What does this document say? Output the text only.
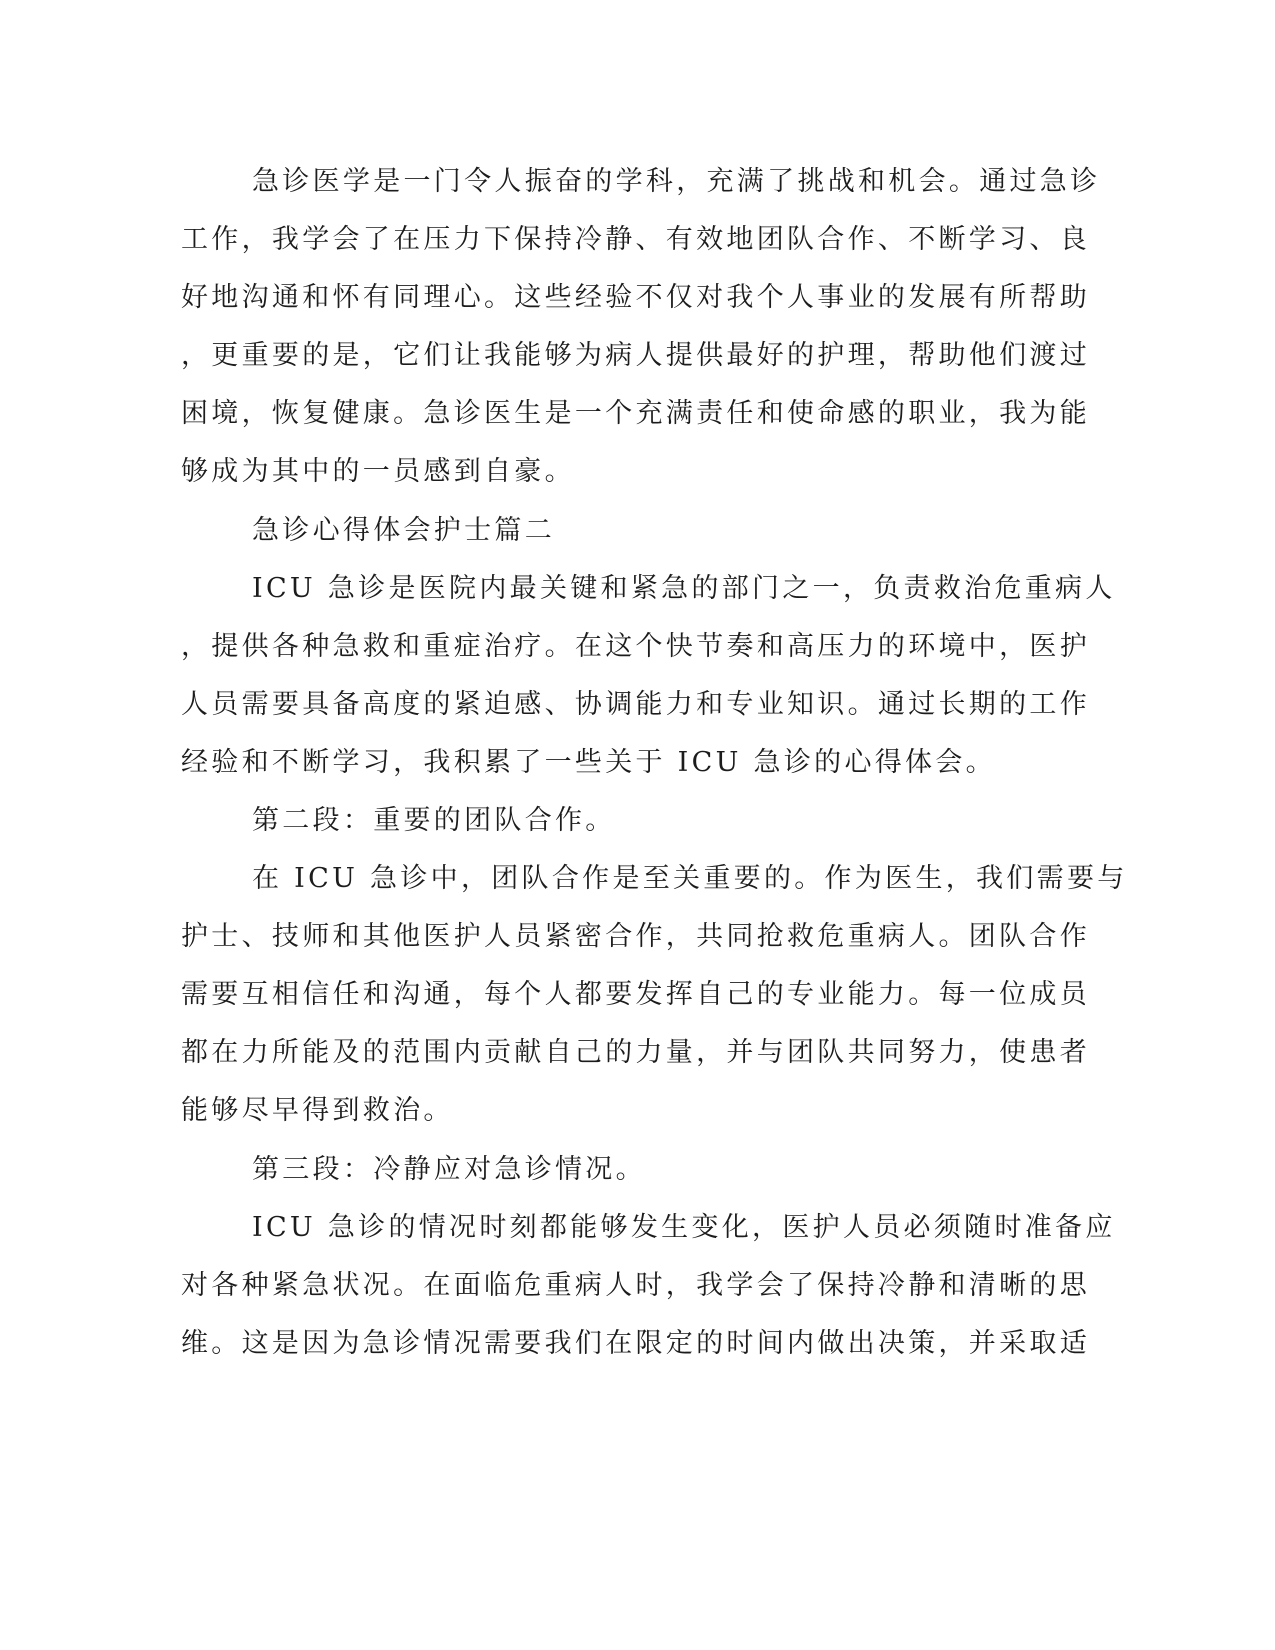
急诊医学是一门令人振奋的学科，充满了挑战和机会。通过急诊

工作，我学会了在压力下保持冷静、有效地团队合作、不断学习、良

好地沟通和怀有同理心。这些经验不仅对我个人事业的发展有所帮助

，更重要的是，它们让我能够为病人提供最好的护理，帮助他们渡过

困境，恢复健康。急诊医生是一个充满责任和使命感的职业，我为能

够成为其中的一员感到自豪。

急诊心得体会护士篇二

ICU 急诊是医院内最关键和紧急的部门之一，负责救治危重病人

，提供各种急救和重症治疗。在这个快节奏和高压力的环境中，医护

人员需要具备高度的紧迫感、协调能力和专业知识。通过长期的工作

经验和不断学习，我积累了一些关于 ICU 急诊的心得体会。

第二段：重要的团队合作。

在 ICU 急诊中，团队合作是至关重要的。作为医生，我们需要与

护士、技师和其他医护人员紧密合作，共同抢救危重病人。团队合作

需要互相信任和沟通，每个人都要发挥自己的专业能力。每一位成员

都在力所能及的范围内贡献自己的力量，并与团队共同努力，使患者

能够尽早得到救治。

第三段：冷静应对急诊情况。

ICU 急诊的情况时刻都能够发生变化，医护人员必须随时准备应

对各种紧急状况。在面临危重病人时，我学会了保持冷静和清晰的思

维。这是因为急诊情况需要我们在限定的时间内做出决策，并采取适
